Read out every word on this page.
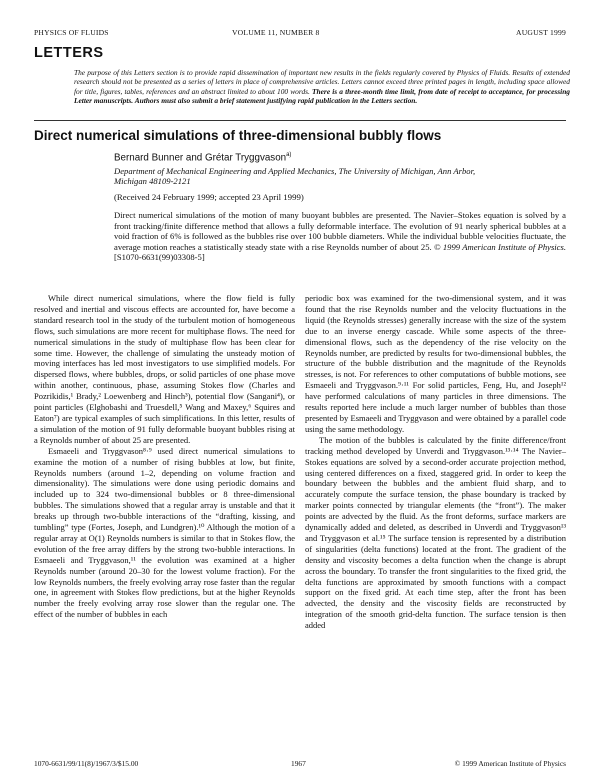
PHYSICS OF FLUIDS	VOLUME 11, NUMBER 8	AUGUST 1999
LETTERS
The purpose of this Letters section is to provide rapid dissemination of important new results in the fields regularly covered by Physics of Fluids. Results of extended research should not be presented as a series of letters in place of comprehensive articles. Letters cannot exceed three printed pages in length, including space allowed for title, figures, tables, references and an abstract limited to about 100 words. There is a three-month time limit, from date of receipt to acceptance, for processing Letter manuscripts. Authors must also submit a brief statement justifying rapid publication in the Letters section.
Direct numerical simulations of three-dimensional bubbly flows
Bernard Bunner and Grétar Tryggvason$^{a)}$
Department of Mechanical Engineering and Applied Mechanics, The University of Michigan, Ann Arbor, Michigan 48109-2121
(Received 24 February 1999; accepted 23 April 1999)
Direct numerical simulations of the motion of many buoyant bubbles are presented. The Navier–Stokes equation is solved by a front tracking/finite difference method that allows a fully deformable interface. The evolution of 91 nearly spherical bubbles at a void fraction of 6% is followed as the bubbles rise over 100 bubble diameters. While the individual bubble velocities fluctuate, the average motion reaches a statistically steady state with a rise Reynolds number of about 25. © 1999 American Institute of Physics. [S1070-6631(99)03308-5]

While direct numerical simulations, where the flow field is fully resolved and inertial and viscous effects are accounted for, have become a standard research tool in the study of the turbulent motion of homogeneous flows, such simulations are more recent for multiphase flows. The need for numerical simulations in the study of multiphase flow has been clear for some time. However, the challenge of simulating the unsteady motion of moving interfaces has led most investigators to use simplified models. For dispersed flows, where bubbles, drops, or solid particles of one phase move within another, continuous, phase, assuming Stokes flow (Charles and Pozrikidis,¹ Brady,² Loewenberg and Hinch³), potential flow (Sangani⁴), or point particles (Elghobashi and Truesdell,⁵ Wang and Maxey,⁶ Squires and Eaton⁷) are typical examples of such simplifications. In this letter, results of a simulation of the motion of 91 fully deformable buoyant bubbles rising at a Reynolds number of about 25 are presented.

Esmaeeli and Tryggvason⁸·⁹ used direct numerical simulations to examine the motion of a number of rising bubbles at low, but finite, Reynolds numbers (around 1–2, depending on volume fraction and dimensionality). The simulations were done using periodic domains and included up to 324 two-dimensional bubbles or 8 three-dimensional bubbles. The simulations showed that a regular array is unstable and that it breaks up through two-bubble interactions of the “drafting, kissing, and tumbling” type (Fortes, Joseph, and Lundgren).¹⁰ Although the motion of a regular array at O(1) Reynolds numbers is similar to that in Stokes flow, the evolution of the free array differs by the strong two-bubble interactions. In Esmaeeli and Tryggvason,¹¹ the evolution was examined at a higher Reynolds number (around 20–30 for the lowest volume fraction). For the low Reynolds numbers, the freely evolving array rose faster than the regular one, in agreement with Stokes flow predictions, but at the higher Reynolds number the freely evolving array rose slower than the regular one. The effect of the number of bubbles in each

periodic box was examined for the two-dimensional system, and it was found that the rise Reynolds number and the velocity fluctuations in the liquid (the Reynolds stresses) generally increase with the size of the system due to an inverse energy cascade. While some aspects of the three-dimensional flows, such as the dependency of the rise velocity on the Reynolds number, are predicted by results for two-dimensional bubbles, the structure of the bubble distribution and the magnitude of the Reynolds stresses, is not. For references to other computations of bubble motions, see Esmaeeli and Tryggvason.⁹·¹¹ For solid particles, Feng, Hu, and Joseph¹² have performed calculations of many particles in three dimensions. The results reported here include a much larger number of bubbles than those presented by Esmaeeli and Tryggvason and were obtained by a parallel code using the same methodology.

The motion of the bubbles is calculated by the finite difference/front tracking method developed by Unverdi and Tryggvason.¹³·¹⁴ The Navier–Stokes equations are solved by a second-order accurate projection method, using centered differences on a fixed, staggered grid. In order to keep the boundary between the bubbles and the ambient fluid sharp, and to accurately compute the surface tension, the phase boundary is tracked by marker points connected by triangular elements (the “front”). The maker points are advected by the fluid. As the front deforms, surface markers are dynamically added and deleted, as described in Unverdi and Tryggvason¹³ and Tryggvason et al.¹⁵ The surface tension is represented by a distribution of singularities (delta functions) located at the front. The gradient of the density and viscosity becomes a delta function when the change is abrupt across the boundary. To transfer the front singularities to the fixed grid, the delta functions are approximated by smooth functions with a compact support on the fixed grid. At each time step, after the front has been advected, the density and the viscosity fields are reconstructed by integration of the smooth grid-delta function. The surface tension is then added

1070-6631/99/11(8)/1967/3/$15.00	1967	© 1999 American Institute of Physics
